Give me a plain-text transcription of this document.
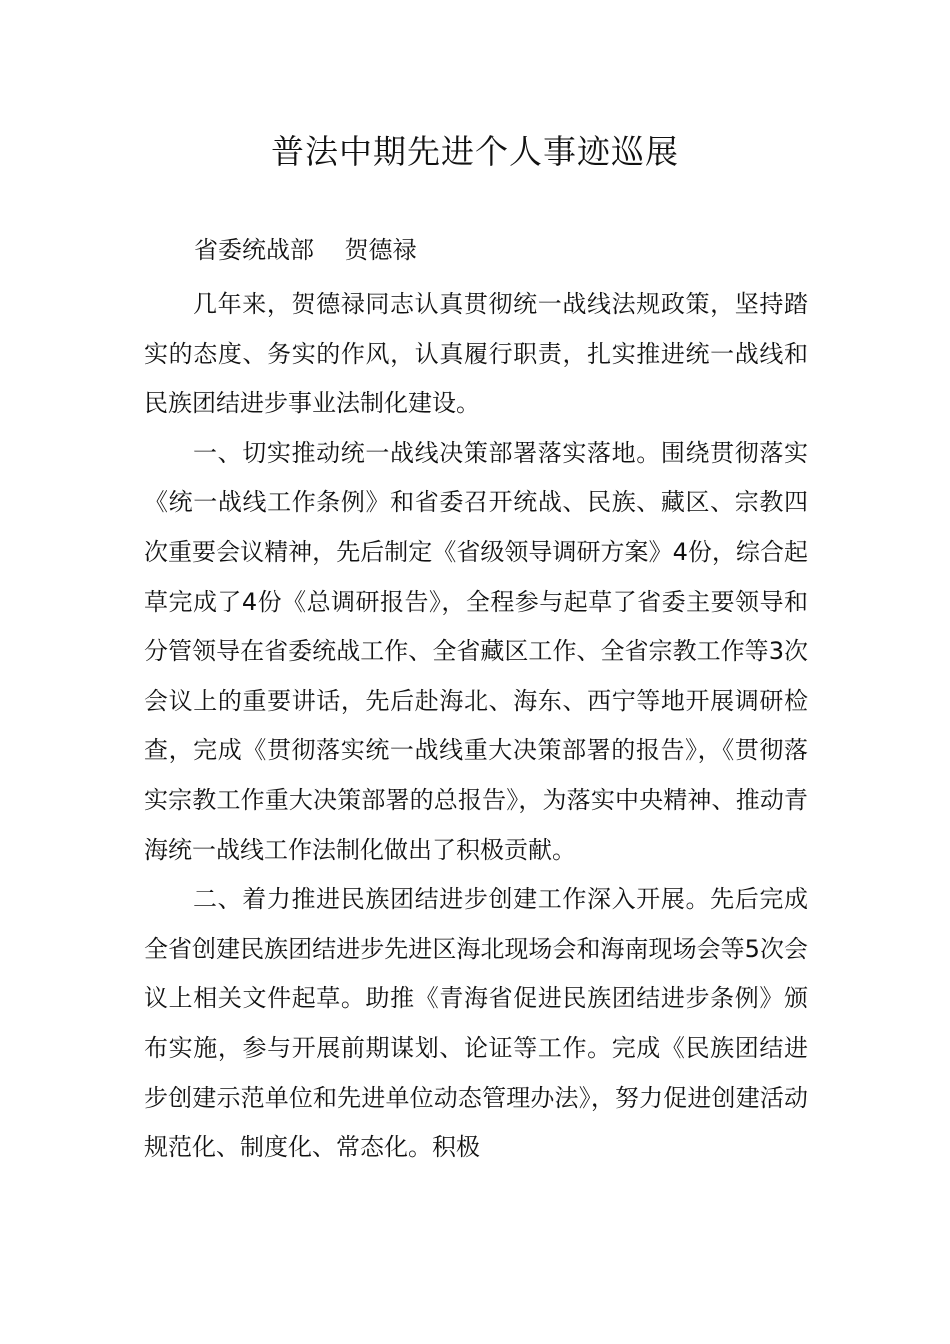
普法中期先进个人事迹巡展

省委统战部    贺德禄

几年来，贺德禄同志认真贯彻统一战线法规政策，坚持踏实的态度、务实的作风，认真履行职责，扎实推进统一战线和民族团结进步事业法制化建设。

一、切实推动统一战线决策部署落实落地。围绕贯彻落实《统一战线工作条例》和省委召开统战、民族、藏区、宗教四次重要会议精神，先后制定《省级领导调研方案》4份，综合起草完成了4份《总调研报告》，全程参与起草了省委主要领导和分管领导在省委统战工作、全省藏区工作、全省宗教工作等3次会议上的重要讲话，先后赴海北、海东、西宁等地开展调研检查，完成《贯彻落实统一战线重大决策部署的报告》，《贯彻落实宗教工作重大决策部署的总报告》，为落实中央精神、推动青海统一战线工作法制化做出了积极贡献。

二、着力推进民族团结进步创建工作深入开展。先后完成全省创建民族团结进步先进区海北现场会和海南现场会等5次会议上相关文件起草。助推《青海省促进民族团结进步条例》颁布实施，参与开展前期谋划、论证等工作。完成《民族团结进步创建示范单位和先进单位动态管理办法》，努力促进创建活动规范化、制度化、常态化。积极
